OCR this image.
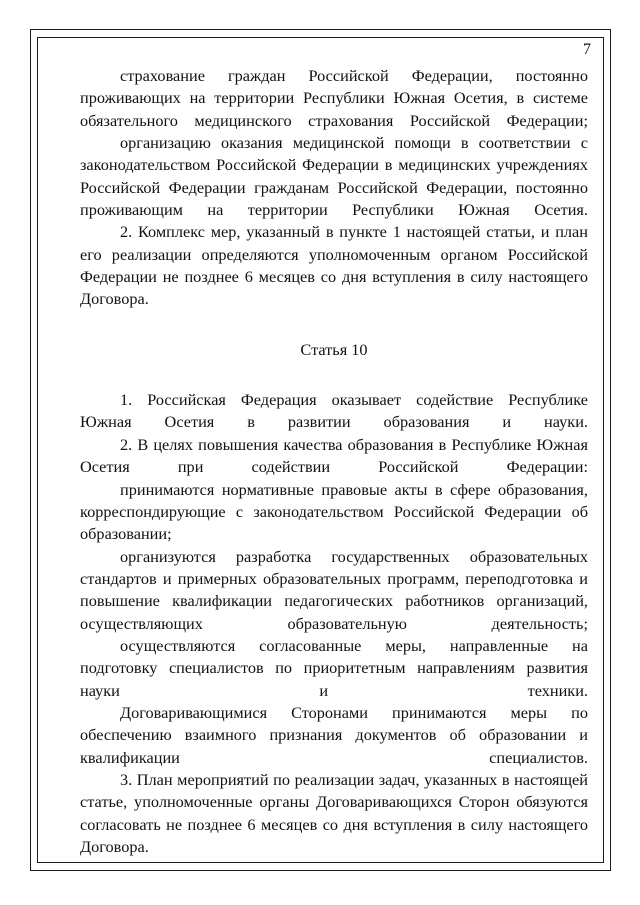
7

страхование граждан Российской Федерации, постоянно проживающих на территории Республики Южная Осетия, в системе обязательного медицинского страхования Российской Федерации;

организацию оказания медицинской помощи в соответствии с законодательством Российской Федерации в медицинских учреждениях Российской Федерации гражданам Российской Федерации, постоянно проживающим на территории Республики Южная Осетия.

2. Комплекс мер, указанный в пункте 1 настоящей статьи, и план его реализации определяются уполномоченным органом Российской Федерации не позднее 6 месяцев со дня вступления в силу настоящего Договора.

Статья 10

1. Российская Федерация оказывает содействие Республике Южная Осетия в развитии образования и науки.

2. В целях повышения качества образования в Республике Южная Осетия при содействии Российской Федерации:

принимаются нормативные правовые акты в сфере образования, корреспондирующие с законодательством Российской Федерации об образовании;

организуются разработка государственных образовательных стандартов и примерных образовательных программ, переподготовка и повышение квалификации педагогических работников организаций, осуществляющих образовательную деятельность;

осуществляются согласованные меры, направленные на подготовку специалистов по приоритетным направлениям развития науки и техники.

Договаривающимися Сторонами принимаются меры по обеспечению взаимного признания документов об образовании и квалификации специалистов.

3. План мероприятий по реализации задач, указанных в настоящей статье, уполномоченные органы Договаривающихся Сторон обязуются согласовать не позднее 6 месяцев со дня вступления в силу настоящего Договора.
